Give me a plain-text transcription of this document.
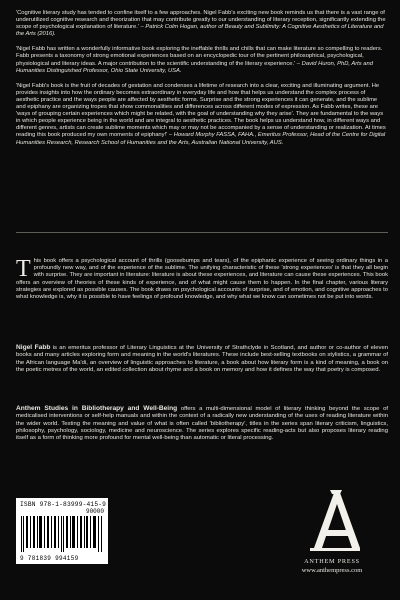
'Cognitive literary study has tended to confine itself to a few approaches. Nigel Fabb's exciting new book reminds us that there is a vast range of underutilized cognitive research and theorization that may contribute greatly to our understanding of literary reception, significantly extending the scope of psychological explanation of literature.' – Patrick Colm Hogan, author of Beauty and Sublimity: A Cognitive Aesthetics of Literature and the Arts (2016).

'Nigel Fabb has written a wonderfully informative book exploring the ineffable thrills and chills that can make literature so compelling to readers. Fabb presents a taxonomy of strong emotional experiences based on an encyclopedic tour of the pertinent philosophical, psychological, physiological and literary ideas. A major contribution to the scientific understanding of the literary experience.' – David Huron, PhD, Arts and Humanities Distinguished Professor, Ohio State University, USA.

'Nigel Fabb's book is the fruit of decades of gestation and condenses a lifetime of research into a clear, exciting and illuminating argument. He provides insights into how the ordinary becomes extraordinary in everyday life and how that helps us understand the complex process of aesthetic practice and the ways people are affected by aesthetic forms. Surprise and the strong experiences it can generate, and the sublime and epiphany are organizing tropes that show commonalities and differences across different modes of expression. As Fabb writes, these are 'ways of grouping certain experiences which might be related, with the goal of understanding why they arise'. They are fundamental to the ways in which people experience being in the world and are integral to aesthetic practices. The book helps us understand how, in different ways and different genres, artists can create sublime moments which may or may not be accompanied by a sense of understanding or realization. At times reading this book produced my own moments of epiphany!' – Howard Morphy FASSA, FAHA., Emeritus Professor, Head of the Centre for Digital Humanities Research, Research School of Humanities and the Arts, Australian National University, AUS.

This book offers a psychological account of thrills (goosebumps and tears), of the epiphanic experience of seeing ordinary things in a profoundly new way, and of the experience of the sublime. The unifying characteristic of these 'strong experiences' is that they all begin with surprise. They are important in literature: literature is about these experiences, and literature can cause these experiences. This book offers an overview of theories of these kinds of experience, and of what might cause them to happen. In the final chapter, various literary strategies are explored as possible causes. The book draws on psychological accounts of surprise, and of emotion, and cognitive approaches to what knowledge is, why it is possible to have feelings of profound knowledge, and why what we know can sometimes not be put into words.
Nigel Fabb is an emeritus professor of Literary Linguistics at the University of Strathclyde in Scotland, and author or co-author of eleven books and many articles exploring form and meaning in the world's literatures. These include best-selling textbooks on stylistics, a grammar of the African language Ma'di, an overview of linguistic approaches to literature, a book about how literary form is a kind of meaning, a book on the poetic metres of the world, an edited collection about rhyme and a book on memory and how it defines the way that poetry is composed.
Anthem Studies in Bibliotherapy and Well-Being offers a multi-dimensional model of literary thinking beyond the scope of medicalised interventions or self-help manuals and within the context of a radically new understanding of the uses of reading literature within the wider world. Testing the meaning and value of what is often called 'bibliotherapy', titles in the series span literary criticism, linguistics, philosophy, psychology, sociology, medicine and neuroscience. The series explores specific reading-acts but also proposes literary reading itself as a form of thinking more profound for mental well-being than automatic or literal processing.
ISBN 978-1-83999-415-9
90000
9 781839 994159	ANTHEM PRESS
www.anthempress.com
